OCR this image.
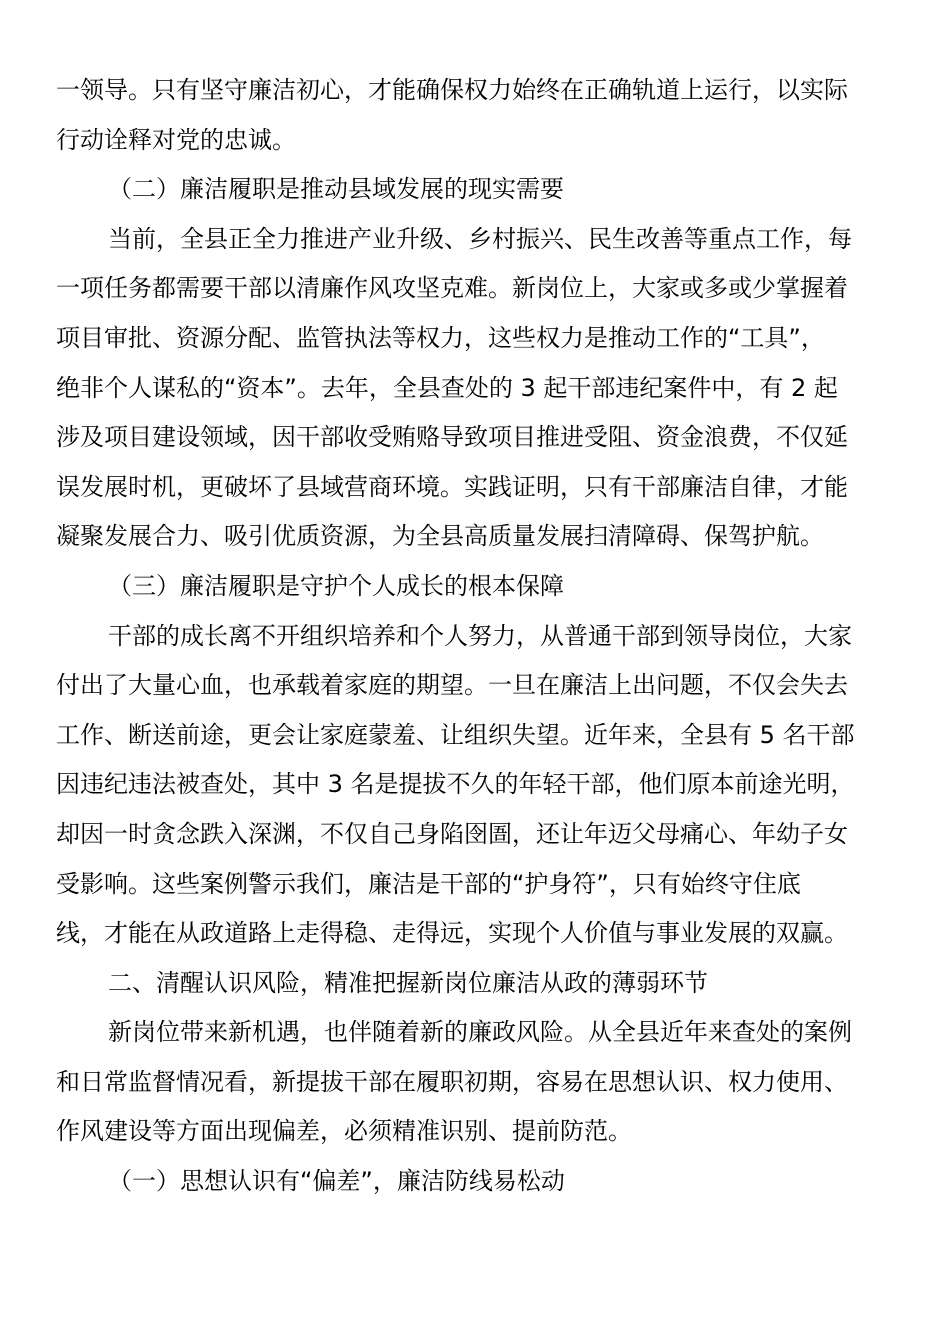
一领导。只有坚守廉洁初心，才能确保权力始终在正确轨道上运行，以实际
行动诠释对党的忠诚。
（二）廉洁履职是推动县域发展的现实需要
当前，全县正全力推进产业升级、乡村振兴、民生改善等重点工作，每
一项任务都需要干部以清廉作风攻坚克难。新岗位上，大家或多或少掌握着
项目审批、资源分配、监管执法等权力，这些权力是推动工作的“工具”，
绝非个人谋私的“资本”。去年，全县查处的 3 起干部违纪案件中，有 2 起
涉及项目建设领域，因干部收受贿赂导致项目推进受阻、资金浪费，不仅延
误发展时机，更破坏了县域营商环境。实践证明，只有干部廉洁自律，才能
凝聚发展合力、吸引优质资源，为全县高质量发展扫清障碍、保驾护航。
（三）廉洁履职是守护个人成长的根本保障
干部的成长离不开组织培养和个人努力，从普通干部到领导岗位，大家
付出了大量心血，也承载着家庭的期望。一旦在廉洁上出问题，不仅会失去
工作、断送前途，更会让家庭蒙羞、让组织失望。近年来，全县有 5 名干部
因违纪违法被查处，其中 3 名是提拔不久的年轻干部，他们原本前途光明，
却因一时贪念跌入深渊，不仅自己身陷囹圄，还让年迈父母痛心、年幼子女
受影响。这些案例警示我们，廉洁是干部的“护身符”，只有始终守住底
线，才能在从政道路上走得稳、走得远，实现个人价值与事业发展的双赢。
二、清醒认识风险，精准把握新岗位廉洁从政的薄弱环节
新岗位带来新机遇，也伴随着新的廉政风险。从全县近年来查处的案例
和日常监督情况看，新提拔干部在履职初期，容易在思想认识、权力使用、
作风建设等方面出现偏差，必须精准识别、提前防范。
（一）思想认识有“偏差”，廉洁防线易松动
